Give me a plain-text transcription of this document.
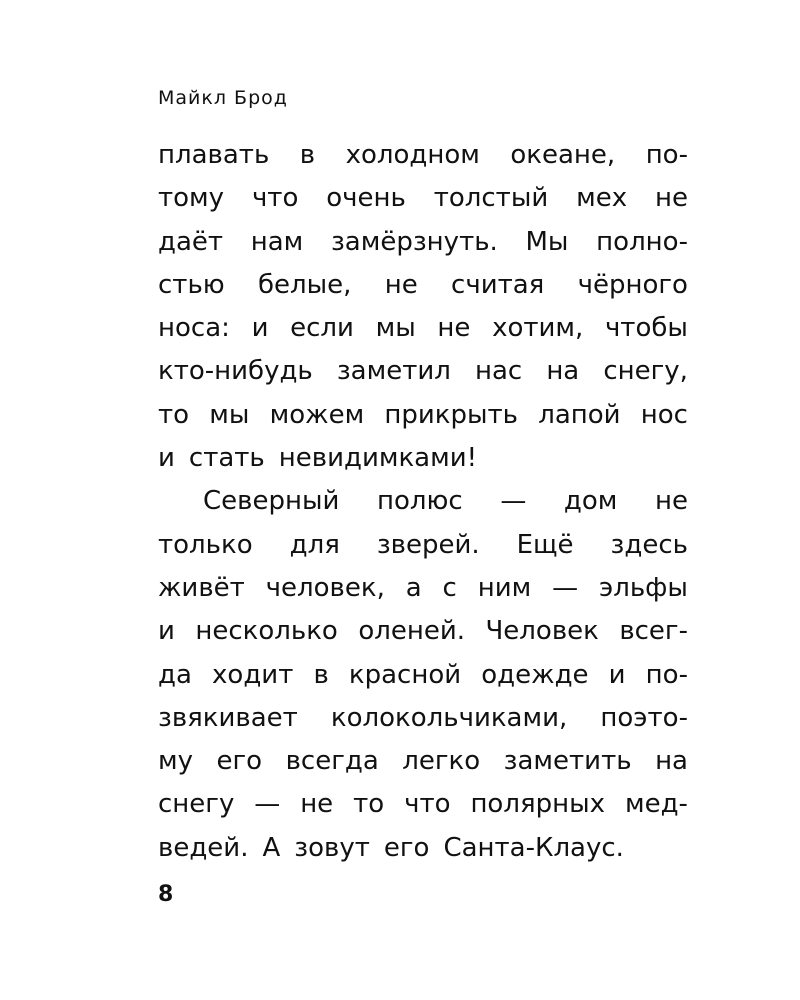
Майкл Брод
плавать в холодном океане, по-
тому что очень толстый мех не
даёт нам замёрзнуть. Мы полно-
стью белые, не считая чёрного
носа: и если мы не хотим, чтобы
кто-нибудь заметил нас на снегу,
то мы можем прикрыть лапой нос
и стать невидимками!
Северный полюс — дом не
только для зверей. Ещё здесь
живёт человек, а с ним — эльфы
и несколько оленей. Человек всег-
да ходит в красной одежде и по-
звякивает колокольчиками, поэто-
му его всегда легко заметить на
снегу — не то что полярных мед-
ведей. А зовут его Санта-Клаус.
8
